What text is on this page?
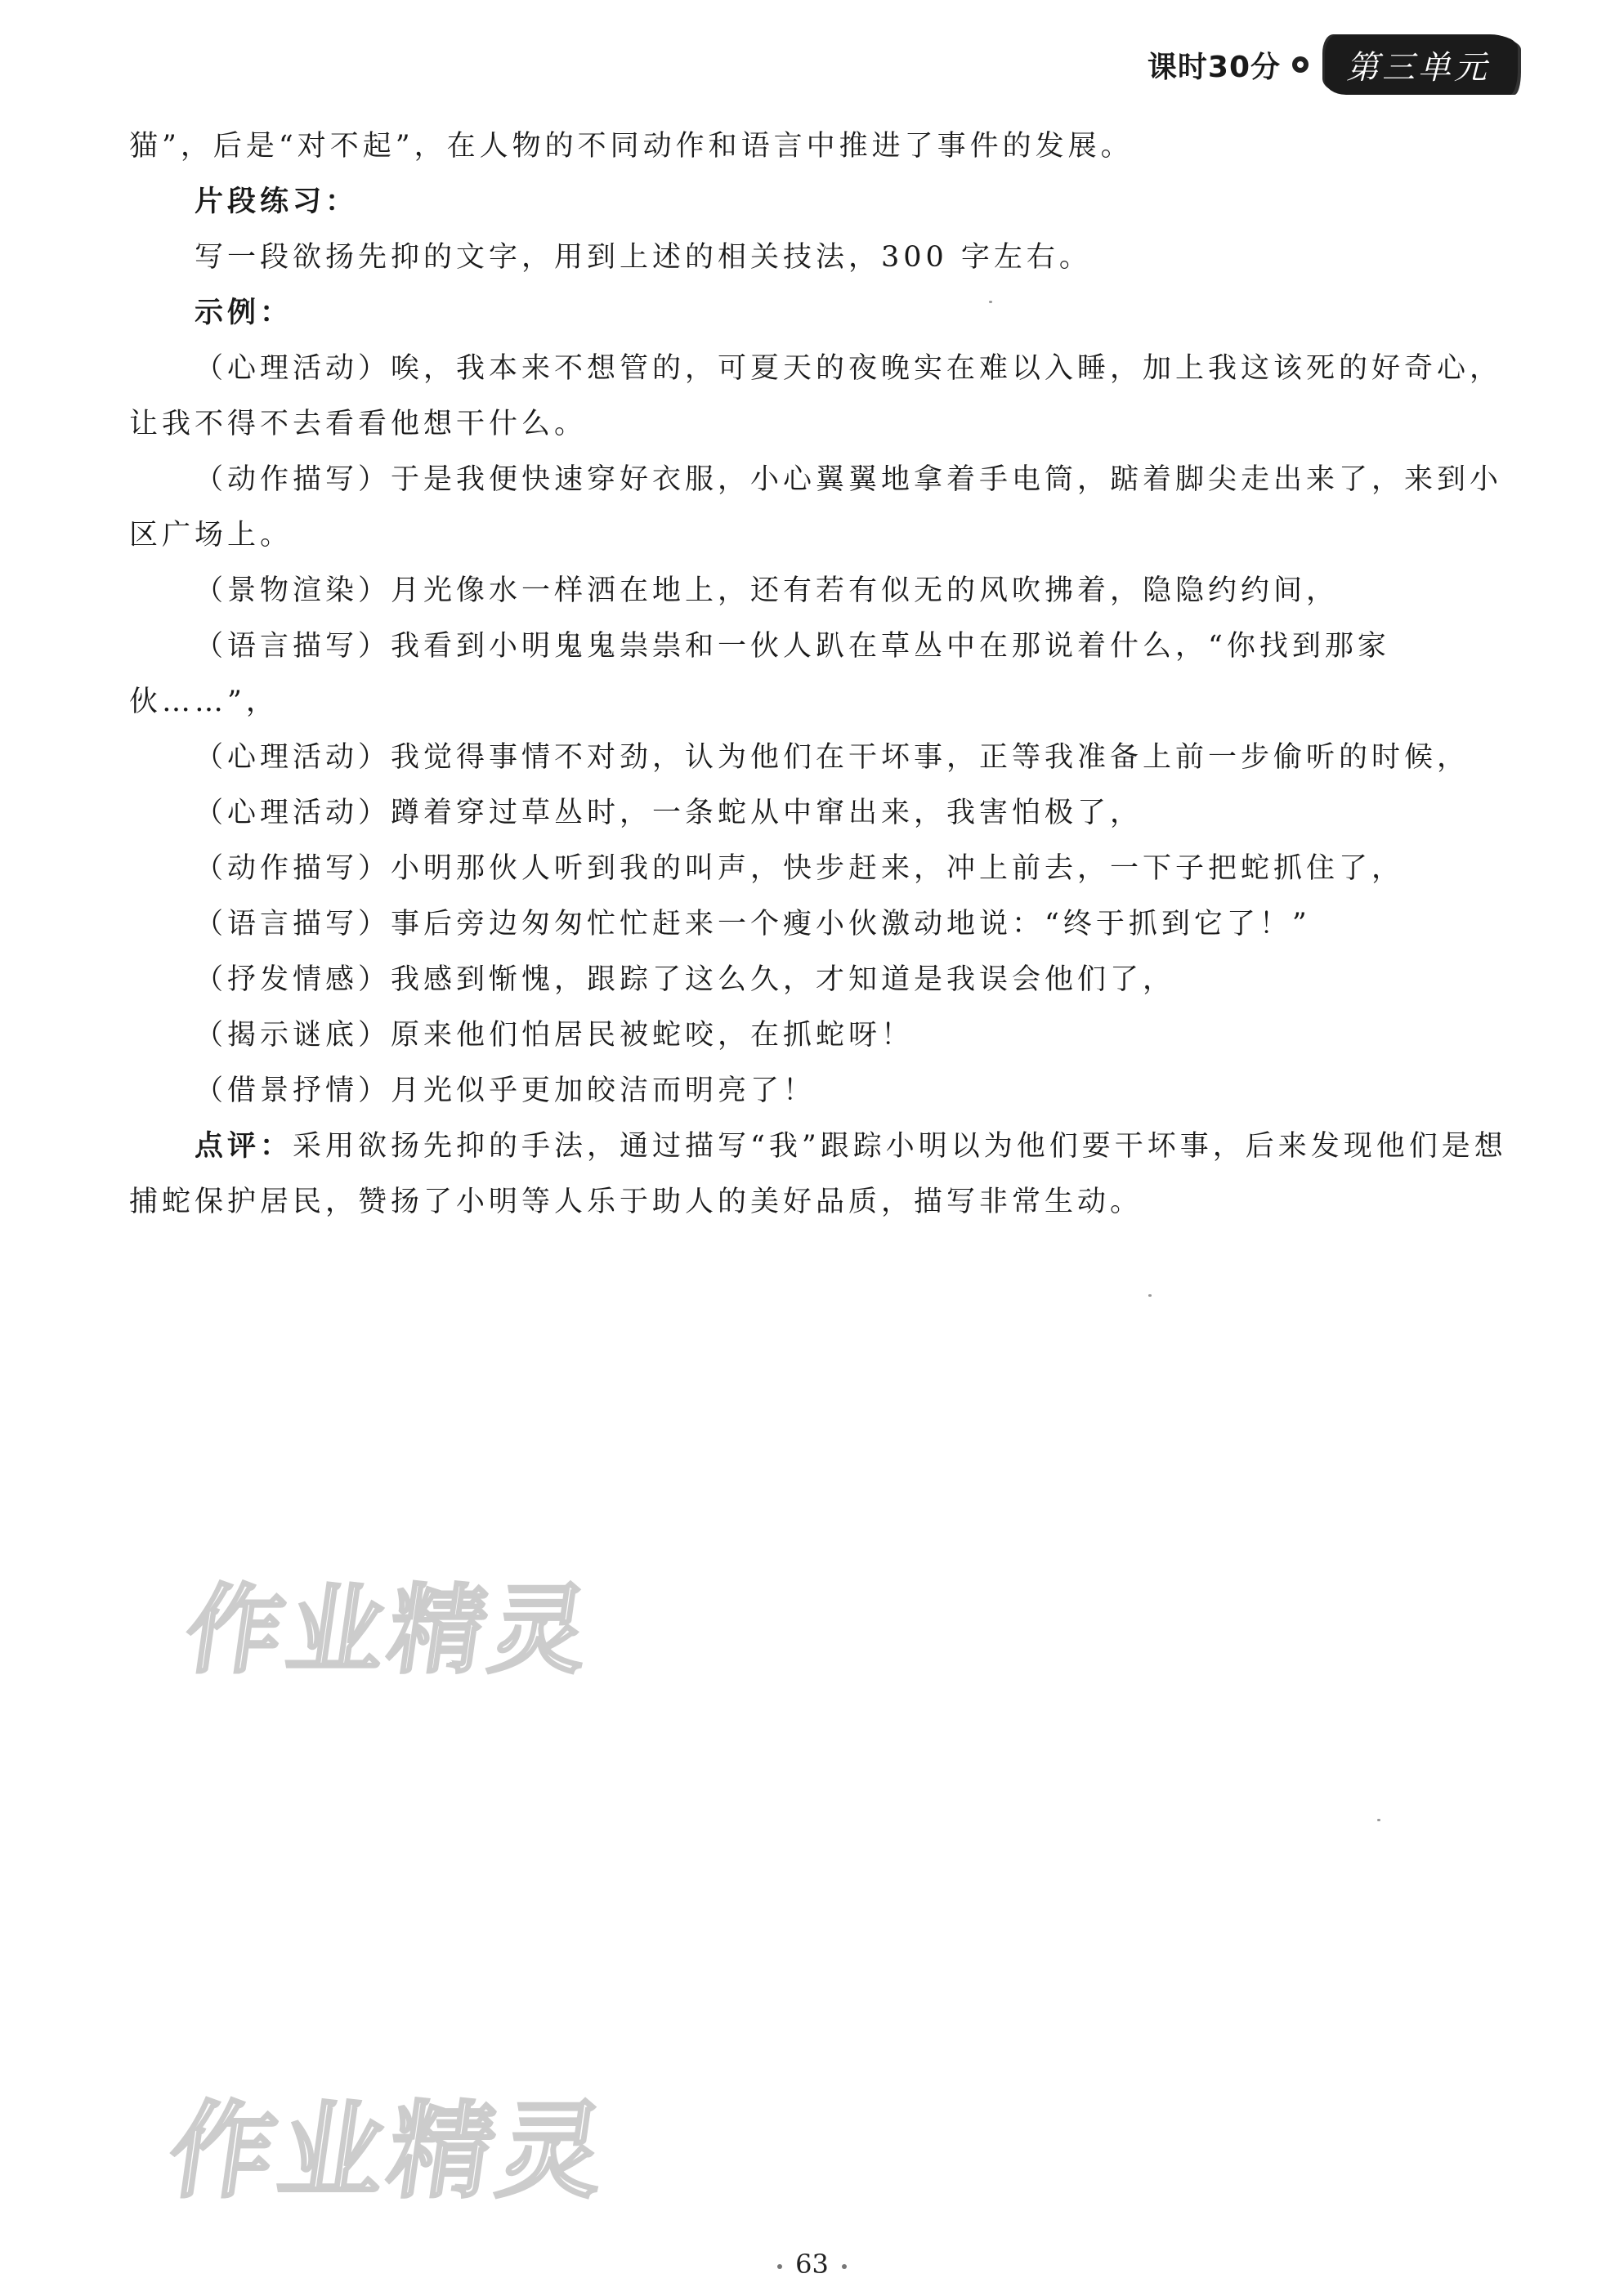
课时30分	第三单元

猫”，后是“对不起”，在人物的不同动作和语言中推进了事件的发展。

片段练习：

写一段欲扬先抑的文字，用到上述的相关技法，300 字左右。

示例：

（心理活动）唉，我本来不想管的，可夏天的夜晚实在难以入睡，加上我这该死的好奇心，让我不得不去看看他想干什么。

（动作描写）于是我便快速穿好衣服，小心翼翼地拿着手电筒，踮着脚尖走出来了，来到小区广场上。

（景物渲染）月光像水一样洒在地上，还有若有似无的风吹拂着，隐隐约约间，

（语言描写）我看到小明鬼鬼祟祟和一伙人趴在草丛中在那说着什么，“你找到那家伙……”，

（心理活动）我觉得事情不对劲，认为他们在干坏事，正等我准备上前一步偷听的时候，

（心理活动）蹲着穿过草丛时，一条蛇从中窜出来，我害怕极了，

（动作描写）小明那伙人听到我的叫声，快步赶来，冲上前去，一下子把蛇抓住了，

（语言描写）事后旁边匆匆忙忙赶来一个瘦小伙激动地说：“终于抓到它了！”

（抒发情感）我感到惭愧，跟踪了这么久，才知道是我误会他们了，

（揭示谜底）原来他们怕居民被蛇咬，在抓蛇呀！

（借景抒情）月光似乎更加皎洁而明亮了！

点评：采用欲扬先抑的手法，通过描写“我”跟踪小明以为他们要干坏事，后来发现他们是想捕蛇保护居民，赞扬了小明等人乐于助人的美好品质，描写非常生动。

作业精灵
作业精灵
63
